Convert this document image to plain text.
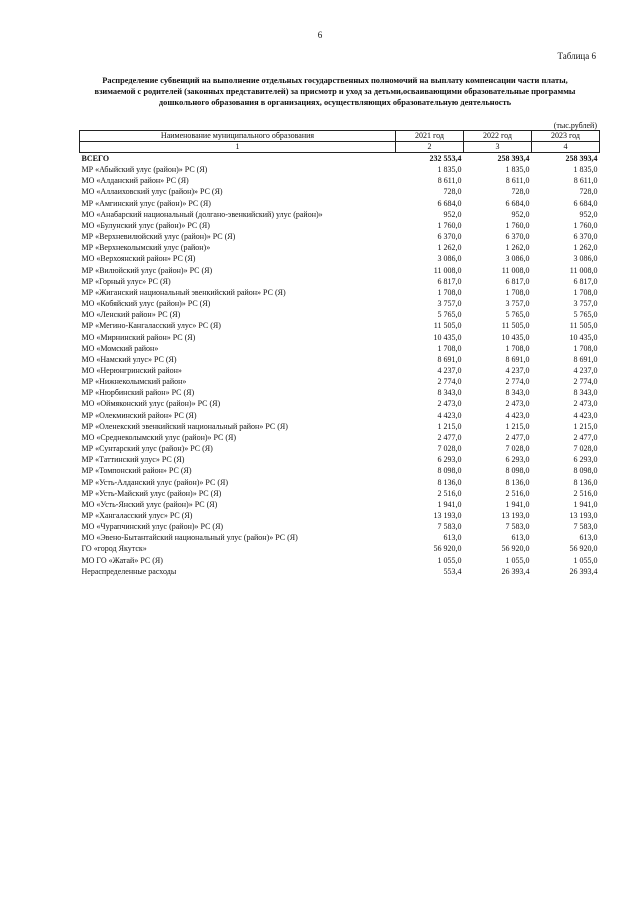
6
Таблица 6
Распределение субвенций на выполнение отдельных государственных полномочий на выплату компенсации части платы,
взимаемой с родителей (законных представителей) за присмотр и уход за детьми,осваивающими образовательные программы
дошкольного образования в организациях, осуществляющих образовательную деятельность
(тыс.рублей)
Наименование муниципального образования	2021 год	2022 год	2023 год
1	2	3	4
ВСЕГО	232 553,4	258 393,4	258 393,4
МР «Абыйский улус (район)» РС (Я)	1 835,0	1 835,0	1 835,0
МО «Алданский район» РС (Я)	8 611,0	8 611,0	8 611,0
МО «Аллаиховский улус (район)» РС (Я)	728,0	728,0	728,0
МР «Амгинский улус (район)» РС (Я)	6 684,0	6 684,0	6 684,0
МО «Анабарский национальный (долгано-эвенкийский) улус (район)»	952,0	952,0	952,0
МО «Булунский улус (район)» РС (Я)	1 760,0	1 760,0	1 760,0
МР «Верхневилюйский улус (район)» РС (Я)	6 370,0	6 370,0	6 370,0
МР «Верхнеколымский улус (район)»	1 262,0	1 262,0	1 262,0
МО «Верхоянский район» РС (Я)	3 086,0	3 086,0	3 086,0
МР «Вилюйский улус (район)» РС (Я)	11 008,0	11 008,0	11 008,0
МР «Горный улус» РС (Я)	6 817,0	6 817,0	6 817,0
МР «Жиганский национальный эвенкийский район» РС (Я)	1 708,0	1 708,0	1 708,0
МО «Кобяйский улус (район)» РС (Я)	3 757,0	3 757,0	3 757,0
МО «Ленский район» РС (Я)	5 765,0	5 765,0	5 765,0
МР «Мегино-Кангаласский улус» РС (Я)	11 505,0	11 505,0	11 505,0
МО «Мирнинский район» РС (Я)	10 435,0	10 435,0	10 435,0
МО «Момский район»	1 708,0	1 708,0	1 708,0
МО «Намский улус» РС (Я)	8 691,0	8 691,0	8 691,0
МО «Нерюнгринский район»	4 237,0	4 237,0	4 237,0
МР «Нижнеколымский район»	2 774,0	2 774,0	2 774,0
МР «Нюрбинский район» РС (Я)	8 343,0	8 343,0	8 343,0
МО «Оймяконский улус (район)» РС (Я)	2 473,0	2 473,0	2 473,0
МР «Олекминский район» РС (Я)	4 423,0	4 423,0	4 423,0
МР «Оленекский эвенкийский национальный район» РС (Я)	1 215,0	1 215,0	1 215,0
МО «Среднеколымский улус (район)» РС (Я)	2 477,0	2 477,0	2 477,0
МР «Сунтарский улус (район)» РС (Я)	7 028,0	7 028,0	7 028,0
МР «Таттинский улус» РС (Я)	6 293,0	6 293,0	6 293,0
МР «Томпонский район» РС (Я)	8 098,0	8 098,0	8 098,0
МР «Усть-Алданский улус (район)» РС (Я)	8 136,0	8 136,0	8 136,0
МР «Усть-Майский улус (район)» РС (Я)	2 516,0	2 516,0	2 516,0
МО «Усть-Янский улус (район)» РС (Я)	1 941,0	1 941,0	1 941,0
МР «Хангаласский улус» РС (Я)	13 193,0	13 193,0	13 193,0
МО «Чурапчинский улус (район)» РС (Я)	7 583,0	7 583,0	7 583,0
МО «Эвено-Бытантайский национальный улус (район)» РС (Я)	613,0	613,0	613,0
ГО «город Якутск»	56 920,0	56 920,0	56 920,0
МО ГО «Жатай» РС (Я)	1 055,0	1 055,0	1 055,0
Нераспределенные расходы	553,4	26 393,4	26 393,4
